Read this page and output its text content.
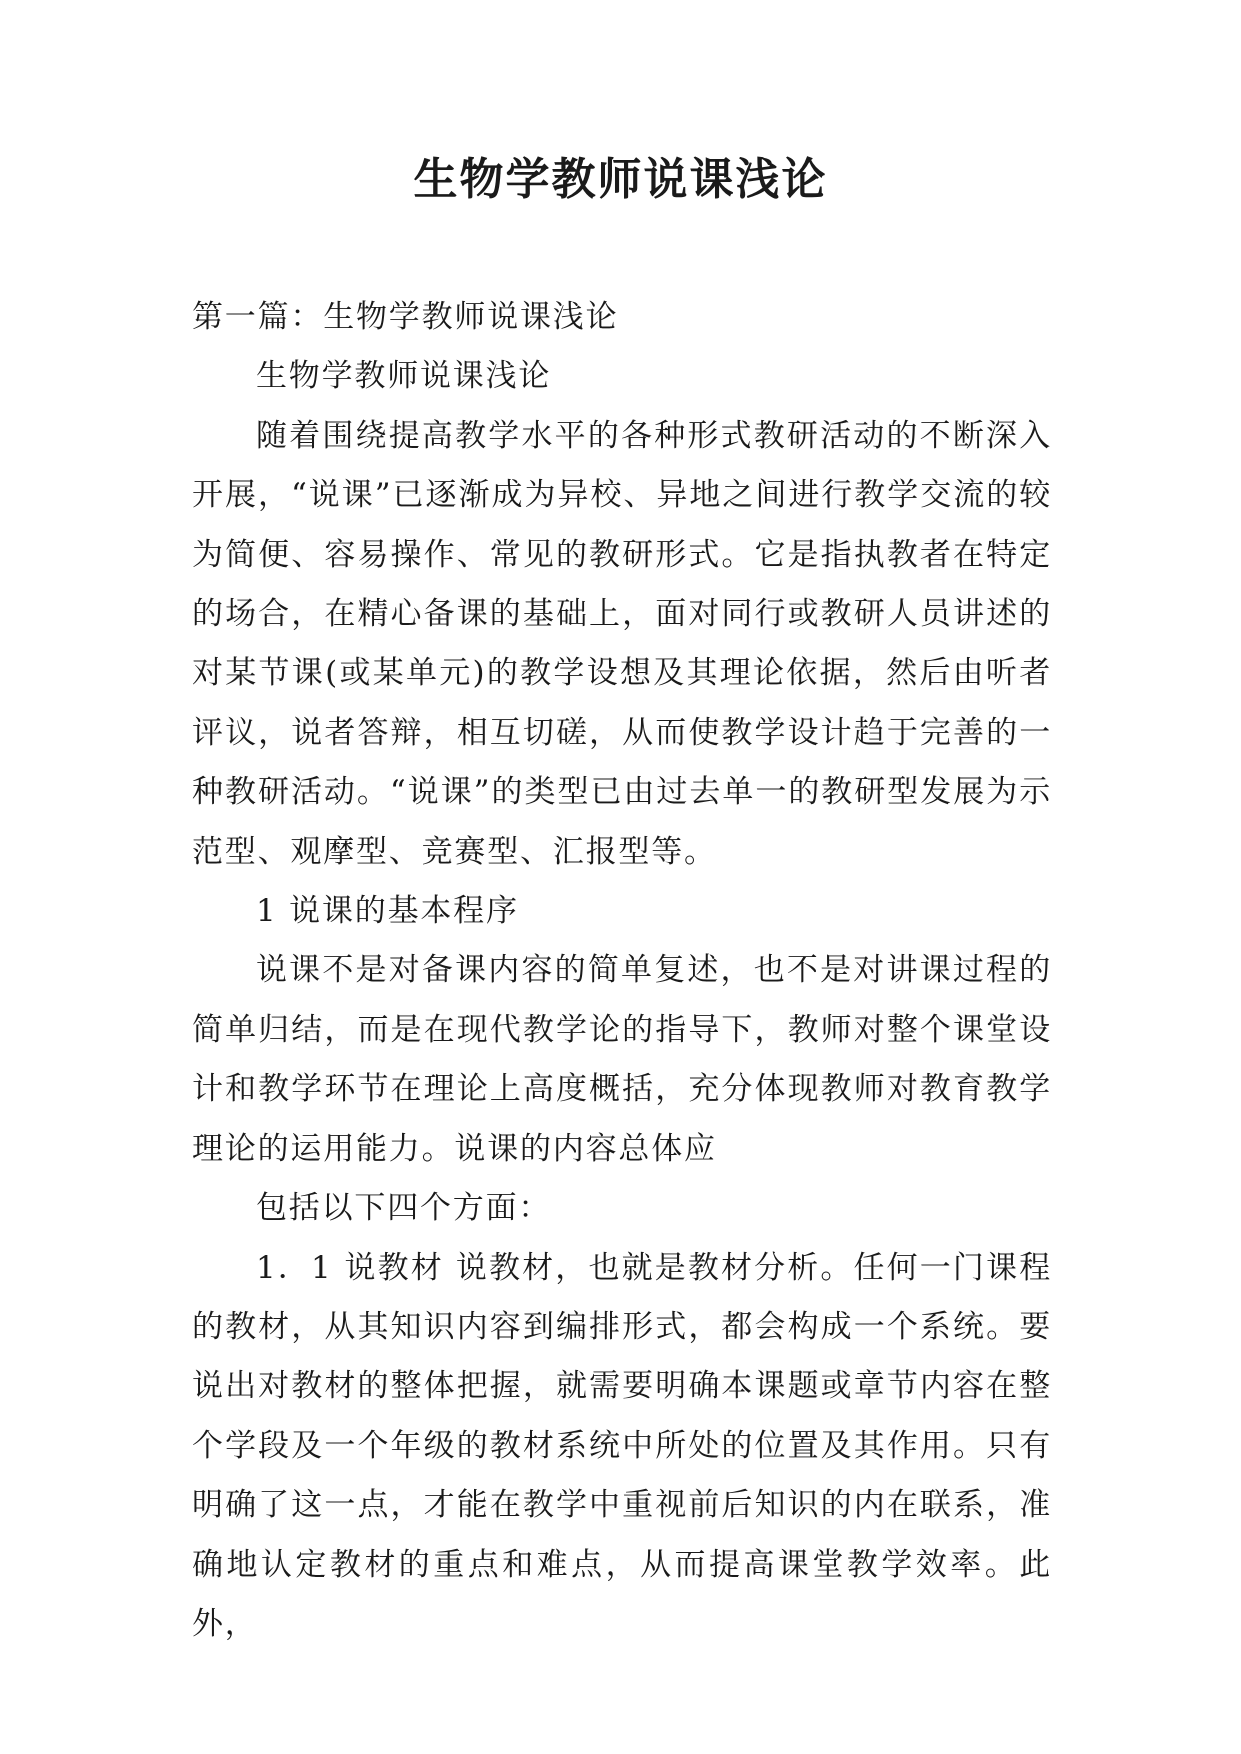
生物学教师说课浅论

第一篇：生物学教师说课浅论

生物学教师说课浅论

随着围绕提高教学水平的各种形式教研活动的不断深入开展，“说课”已逐渐成为异校、异地之间进行教学交流的较为简便、容易操作、常见的教研形式。它是指执教者在特定的场合，在精心备课的基础上，面对同行或教研人员讲述的对某节课(或某单元)的教学设想及其理论依据，然后由听者评议，说者答辩，相互切磋，从而使教学设计趋于完善的一种教研活动。“说课”的类型已由过去单一的教研型发展为示范型、观摩型、竞赛型、汇报型等。

1 说课的基本程序

说课不是对备课内容的简单复述，也不是对讲课过程的简单归结，而是在现代教学论的指导下，教师对整个课堂设计和教学环节在理论上高度概括，充分体现教师对教育教学理论的运用能力。说课的内容总体应

包括以下四个方面：

1．1 说教材 说教材，也就是教材分析。任何一门课程的教材，从其知识内容到编排形式，都会构成一个系统。要说出对教材的整体把握，就需要明确本课题或章节内容在整个学段及一个年级的教材系统中所处的位置及其作用。只有明确了这一点，才能在教学中重视前后知识的内在联系，准确地认定教材的重点和难点，从而提高课堂教学效率。此外，
